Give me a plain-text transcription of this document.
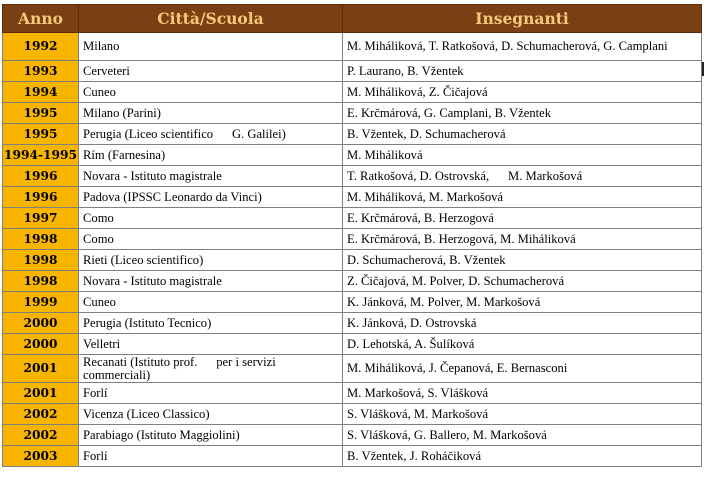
Anno	Città/Scuola	Insegnanti
1992	Milano	M. Miháliková, T. Ratkošová, D. Schumacherová, G. Camplani
1993	Cerveteri	P. Laurano, B. Vžentek
1994	Cuneo	M. Miháliková, Z. Čičajová
1995	Milano (Parini)	E. Krčmárová, G. Camplani, B. Vžentek
1995	Perugia (Liceo scientifico      G. Galilei)	B. Vžentek, D. Schumacherová
1994-1995	Rím (Farnesina)	M. Miháliková
1996	Novara - Istituto magistrale	T. Ratkošová, D. Ostrovská,      M. Markošová
1996	Padova (IPSSC Leonardo da Vinci)	M. Miháliková, M. Markošová
1997	Como	E. Krčmárová, B. Herzogová
1998	Como	E. Krčmárová, B. Herzogová, M. Miháliková
1998	Rieti (Liceo scientifico)	D. Schumacherová, B. Vžentek
1998	Novara - Istituto magistrale	Z. Čičajová, M. Polver, D. Schumacherová
1999	Cuneo	K. Jánková, M. Polver, M. Markošová
2000	Perugia (Istituto Tecnico)	K. Jánková, D. Ostrovská
2000	Velletri	D. Lehotská, A. Šulíková
2001	Recanati (Istituto prof.      per i servizi commerciali)	M. Miháliková, J. Čepanová, E. Bernasconi
2001	Forlí	M. Markošová, S. Vlášková
2002	Vicenza (Liceo Classico)	S. Vlášková, M. Markošová
2002	Parabiago (Istituto Maggiolini)	S. Vlášková, G. Ballero, M. Markošová
2003	Forlí	B. Vžentek, J. Roháčiková
